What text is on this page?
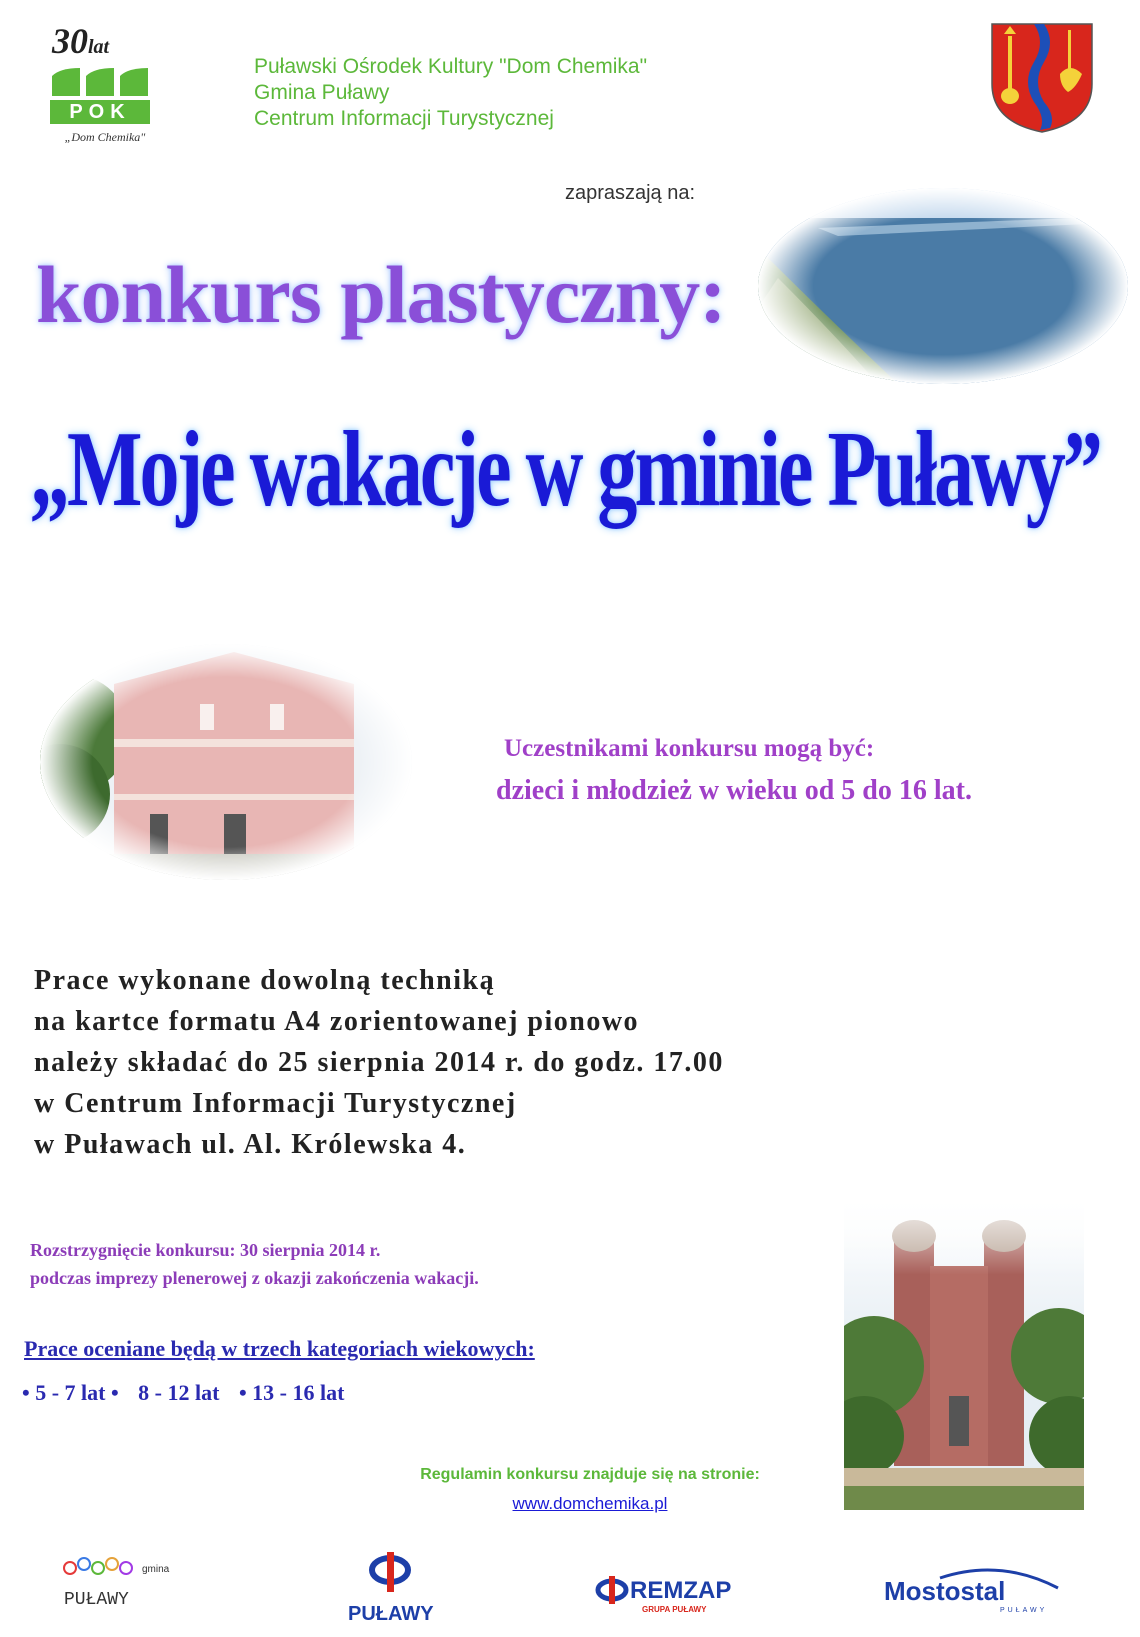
30lat
POK
„Dom Chemika"
Puławski Ośrodek Kultury "Dom Chemika"
Gmina Puławy
Centrum Informacji Turystycznej
zapraszają na:
konkurs plastyczny:
„Moje wakacje w gminie Puławy”
Uczestnikami konkursu mogą być:
dzieci i młodzież w wieku od 5 do 16 lat.
Prace wykonane dowolną techniką
na kartce formatu A4 zorientowanej pionowo
należy składać do 25 sierpnia 2014 r. do godz. 17.00
w Centrum Informacji Turystycznej
w Puławach ul. Al. Królewska 4.
Rozstrzygnięcie konkursu: 30 sierpnia 2014 r.
podczas imprezy plenerowej z okazji zakończenia wakacji.
Prace oceniane będą w trzech kategoriach wiekowych:
• 5 - 7 lat • 8 - 12 lat • 13 - 16 lat
Regulamin konkursu znajduje się na stronie:
www.domchemika.pl
gmina
PUŁAWY
PUŁAWY
REMZAP
GRUPA PUŁAWY
Mostostal
PUŁAWY
